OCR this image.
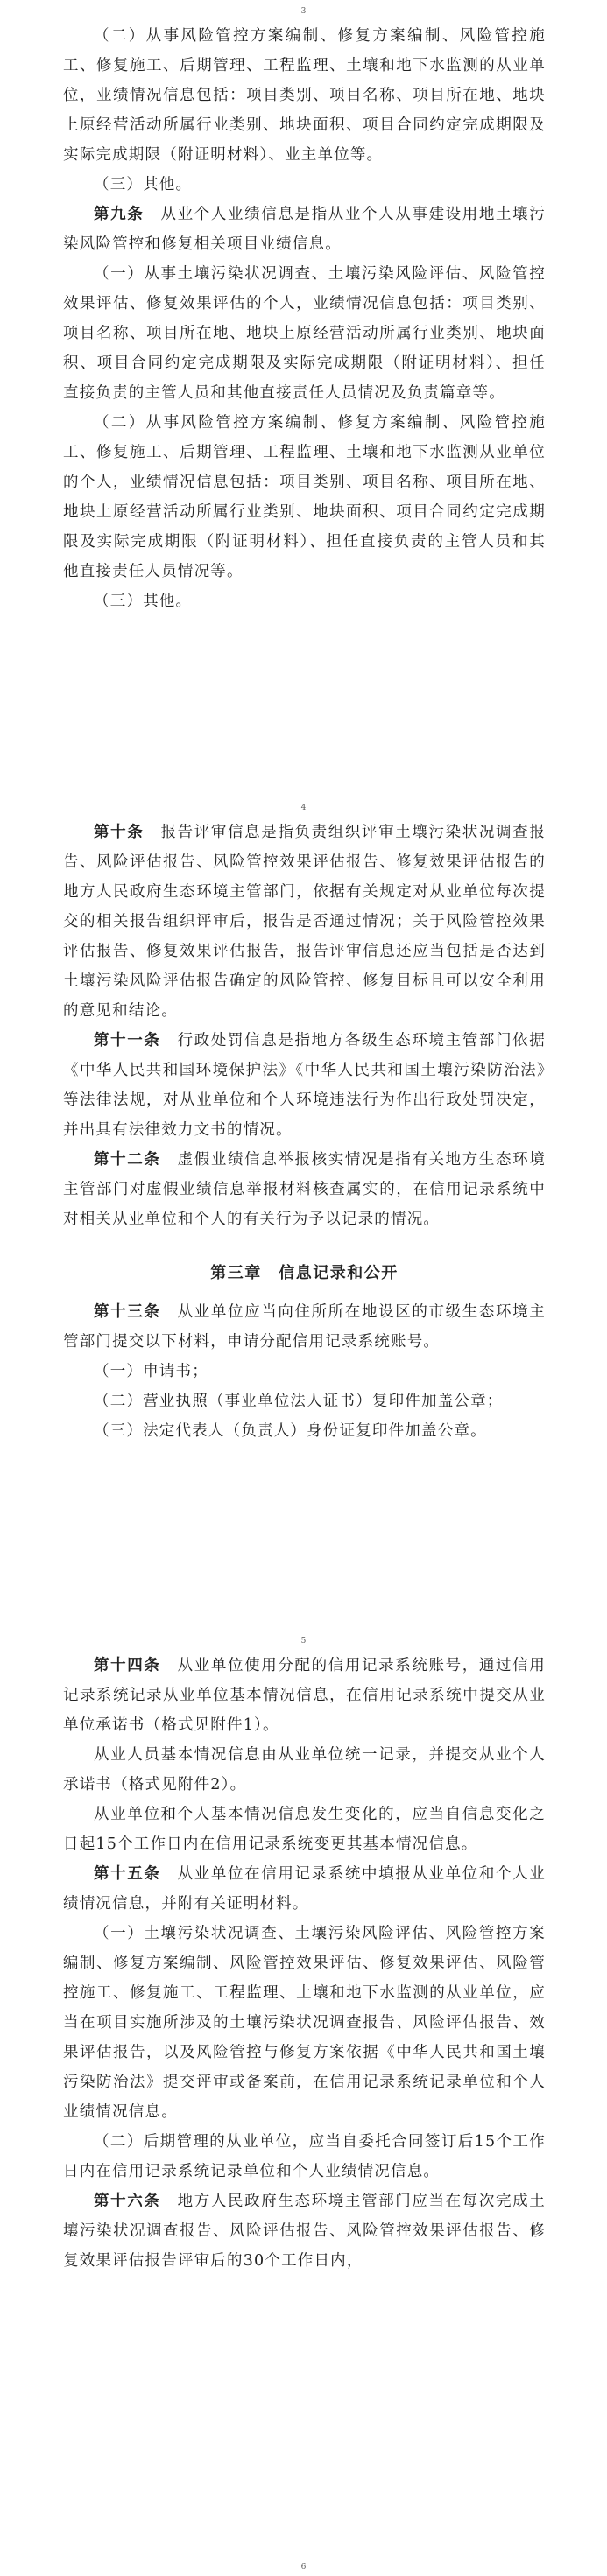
3

（二）从事风险管控方案编制、修复方案编制、风险管控施工、修复施工、后期管理、工程监理、土壤和地下水监测的从业单位，业绩情况信息包括：项目类别、项目名称、项目所在地、地块上原经营活动所属行业类别、地块面积、项目合同约定完成期限及实际完成期限（附证明材料）、业主单位等。

（三）其他。

第九条　 从业个人业绩信息是指从业个人从事建设用地土壤污染风险管控和修复相关项目业绩信息。

（一）从事土壤污染状况调查、土壤污染风险评估、风险管控效果评估、修复效果评估的个人，业绩情况信息包括：项目类别、项目名称、项目所在地、地块上原经营活动所属行业类别、地块面积、项目合同约定完成期限及实际完成期限（附证明材料）、担任直接负责的主管人员和其他直接责任人员情况及负责篇章等。

（二）从事风险管控方案编制、修复方案编制、风险管控施工、修复施工、后期管理、工程监理、土壤和地下水监测从业单位的个人，业绩情况信息包括：项目类别、项目名称、项目所在地、地块上原经营活动所属行业类别、地块面积、项目合同约定完成期限及实际完成期限（附证明材料）、担任直接负责的主管人员和其他直接责任人员情况等。

（三）其他。

4

第十条　 报告评审信息是指负责组织评审土壤污染状况调查报告、风险评估报告、风险管控效果评估报告、修复效果评估报告的地方人民政府生态环境主管部门，依据有关规定对从业单位每次提交的相关报告组织评审后，报告是否通过情况；关于风险管控效果评估报告、修复效果评估报告，报告评审信息还应当包括是否达到土壤污染风险评估报告确定的风险管控、修复目标且可以安全利用的意见和结论。

第十一条　 行政处罚信息是指地方各级生态环境主管部门依据《中华人民共和国环境保护法》《中华人民共和国土壤污染防治法》等法律法规，对从业单位和个人环境违法行为作出行政处罚决定，并出具有法律效力文书的情况。

第十二条　 虚假业绩信息举报核实情况是指有关地方生态环境主管部门对虚假业绩信息举报材料核查属实的，在信用记录系统中对相关从业单位和个人的有关行为予以记录的情况。

第三章　信息记录和公开

第十三条　 从业单位应当向住所所在地设区的市级生态环境主管部门提交以下材料，申请分配信用记录系统账号。

（一）申请书；

（二）营业执照（事业单位法人证书）复印件加盖公章；

（三）法定代表人（负责人）身份证复印件加盖公章。

5

第十四条　 从业单位使用分配的信用记录系统账号，通过信用记录系统记录从业单位基本情况信息，在信用记录系统中提交从业单位承诺书（格式见附件1）。

从业人员基本情况信息由从业单位统一记录，并提交从业个人承诺书（格式见附件2）。

从业单位和个人基本情况信息发生变化的，应当自信息变化之日起15个工作日内在信用记录系统变更其基本情况信息。

第十五条　 从业单位在信用记录系统中填报从业单位和个人业绩情况信息，并附有关证明材料。

（一）土壤污染状况调查、土壤污染风险评估、风险管控方案编制、修复方案编制、风险管控效果评估、修复效果评估、风险管控施工、修复施工、工程监理、土壤和地下水监测的从业单位，应当在项目实施所涉及的土壤污染状况调查报告、风险评估报告、效果评估报告，以及风险管控与修复方案依据《中华人民共和国土壤污染防治法》提交评审或备案前，在信用记录系统记录单位和个人业绩情况信息。

（二）后期管理的从业单位，应当自委托合同签订后15个工作日内在信用记录系统记录单位和个人业绩情况信息。

第十六条　 地方人民政府生态环境主管部门应当在每次完成土壤污染状况调查报告、风险评估报告、风险管控效果评估报告、修复效果评估报告评审后的30个工作日内，

6
